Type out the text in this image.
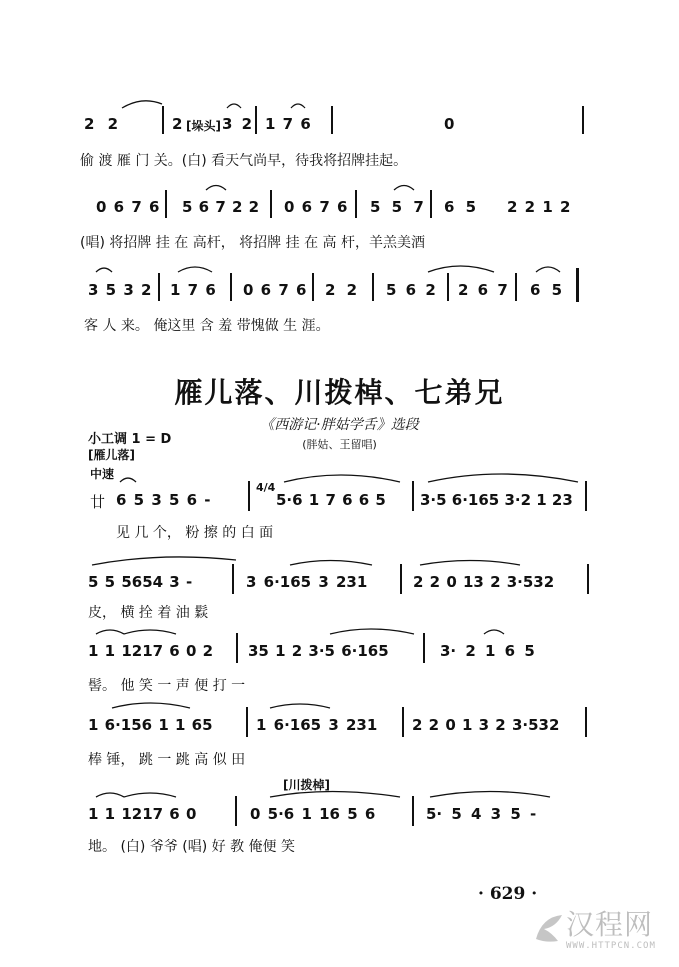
2 2	2 [垛头] 3 2 1 7 6	0
偷 渡 雁 门 关。(白) 看天气尚早，待我将招牌挂起。
0 6 7 6 5 6 7 2 2 0 6 7 6 5 5 7 6 5 2 2 1 2
(唱) 将招牌 挂 在 高杆， 将招牌 挂 在 高 杆，羊羔美酒
3 5 3 2 1 7 6 0 6 7 6 2 2 5 6 2 2 6 7 6 5
客 人 来。 俺这里 含 羞 带愧做 生 涯。
雁儿落、川拨棹、七弟兄
《西游记·胖姑学舌》选段
(胖姑、王留唱)
小工调 1 = D
[雁儿落]
中速
廿 6 5 3 5 6 -
4/4
5·6 1 7 6 6 5 3·5 6·165 3·2 1 23
见 几 个， 粉 擦 的 白 面
5 5 5654 3 -	3 6·165 3 231	2 2 0 13 2 3·532
皮， 横 拴 着 油 鬏
1 1 1217 6 0 2 35 1 2 3·5 6·165	3· 2 1 6 5
髻。 他 笑 一 声 便 打 一
1 6·156 1 1 65	1 6·165 3 231 2 2 0 1 3 2 3·532
棒 锤， 跳 一 跳 高 似 田
[川拨棹]
1 1 1217 6 0	0 5·6 1 16 5 6	5· 5 4 3 5 -
地。 (白) 爷爷 (唱) 好 教 俺便 笑
· 629 ·
汉程网
WWW.HTTPCN.COM
